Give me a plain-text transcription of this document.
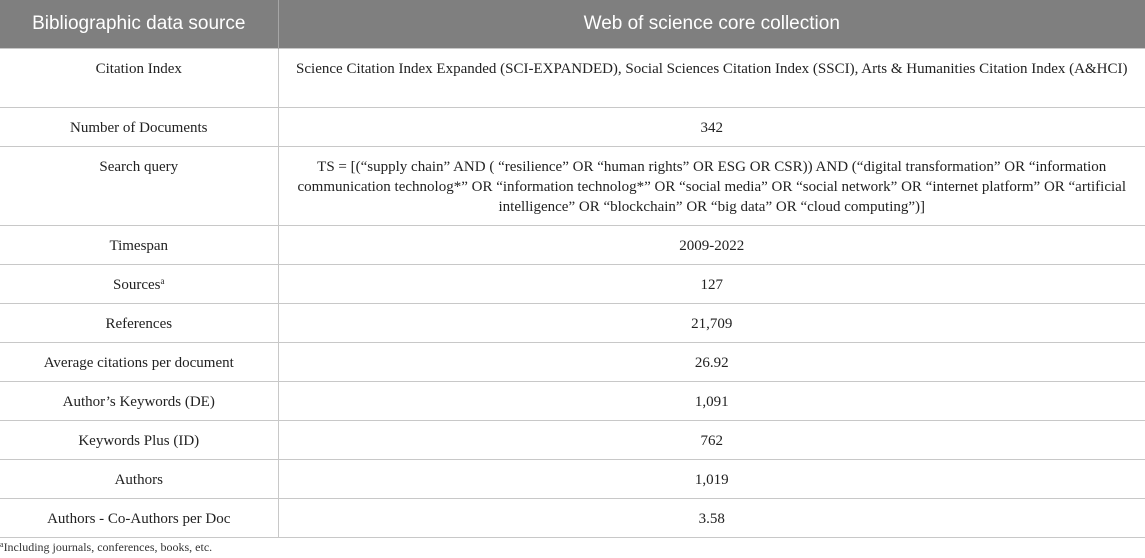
Bibliographic data source	Web of science core collection
Citation Index	Science Citation Index Expanded (SCI-EXPANDED), Social Sciences Citation Index (SSCI), Arts & Humanities Citation Index (A&HCI)
Number of Documents	342
Search query	TS = [(“supply chain” AND ( “resilience” OR “human rights” OR ESG OR CSR)) AND (“digital transformation” OR “information communication technolog*” OR “information technolog*” OR “social media” OR “social network” OR “internet platform” OR “artificial intelligence” OR “blockchain” OR “big data” OR “cloud computing”)]
Timespan	2009-2022
Sources$^a$	127
References	21,709
Average citations per document	26.92
Author’s Keywords (DE)	1,091
Keywords Plus (ID)	762
Authors	1,019
Authors - Co-Authors per Doc	3.58
$^a$Including journals, conferences, books, etc.
